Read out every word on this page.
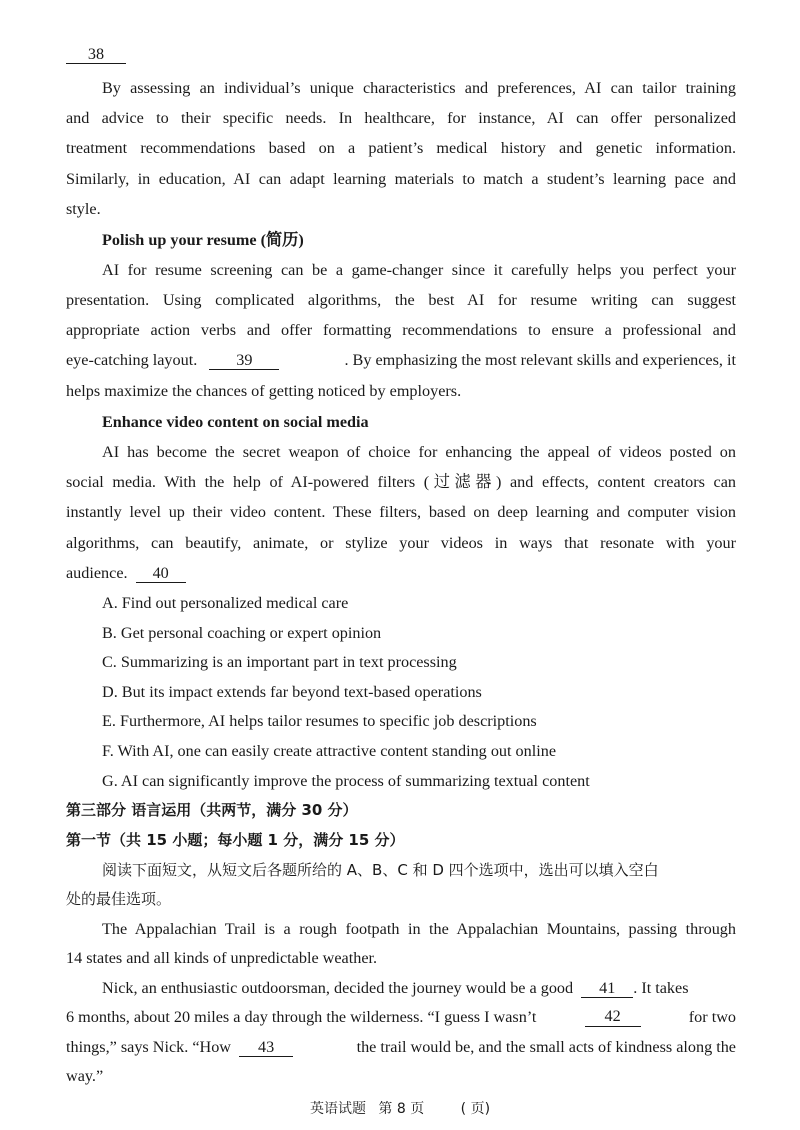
38
By assessing an individual’s unique characteristics and preferences, AI can tailor training
and advice to their specific needs. In healthcare, for instance, AI can offer personalized
treatment recommendations based on a patient’s medical history and genetic information.
Similarly, in education, AI can adapt learning materials to match a student’s learning pace and
style.
Polish up your resume (简历)
AI for resume screening can be a game-changer since it carefully helps you perfect your
presentation. Using complicated algorithms, the best AI for resume writing can suggest
appropriate action verbs and offer formatting recommendations to ensure a professional and
eye-catching layout. 39	. By emphasizing the most relevant skills and experiences, it
helps maximize the chances of getting noticed by employers.
Enhance video content on social media
AI has become the secret weapon of choice for enhancing the appeal of videos posted on
social media. With the help of AI-powered filters (过滤器) and effects, content creators can
instantly level up their video content. These filters, based on deep learning and computer vision
algorithms, can beautify, animate, or stylize your videos in ways that resonate with your
audience. 40
A. Find out personalized medical care
B. Get personal coaching or expert opinion
C. Summarizing is an important part in text processing
D. But its impact extends far beyond text-based operations
E. Furthermore, AI helps tailor resumes to specific job descriptions
F. With AI, one can easily create attractive content standing out online
G. AI can significantly improve the process of summarizing textual content
第三部分 语言运用（共两节，满分 30 分）
第一节（共 15 小题；每小题 1 分，满分 15 分）
阅读下面短文，从短文后各题所给的 A、B、C 和 D 四个选项中，选出可以填入空白
处的最佳选项。
The Appalachian Trail is a rough footpath in the Appalachian Mountains, passing through
14 states and all kinds of unpredictable weather.
Nick, an enthusiastic outdoorsman, decided the journey would be a good 41 . It takes
6 months, about 20 miles a day through the wilderness. “I guess I wasn’t	42	for two
things,” says Nick. “How 43	the trail would be, and the small acts of kindness along the
way.”
英语试题 第 8 页	( 页)
